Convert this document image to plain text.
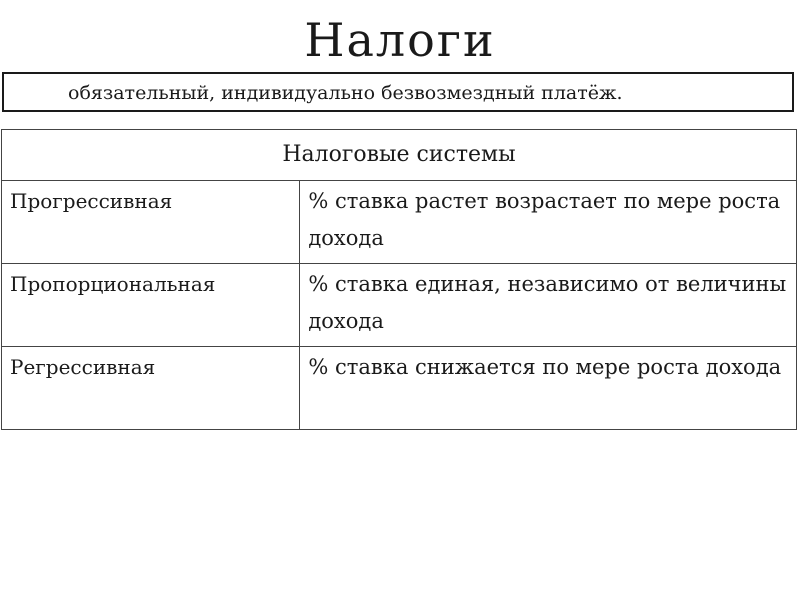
Налоги
обязательный, индивидуально безвозмездный платёж.
Налоговые системы	
Прогрессивная	% ставка растет возрастает по мере роста дохода
Пропорциональная	% ставка единая, независимо от величины дохода
Регрессивная	% ставка снижается по мере роста дохода
